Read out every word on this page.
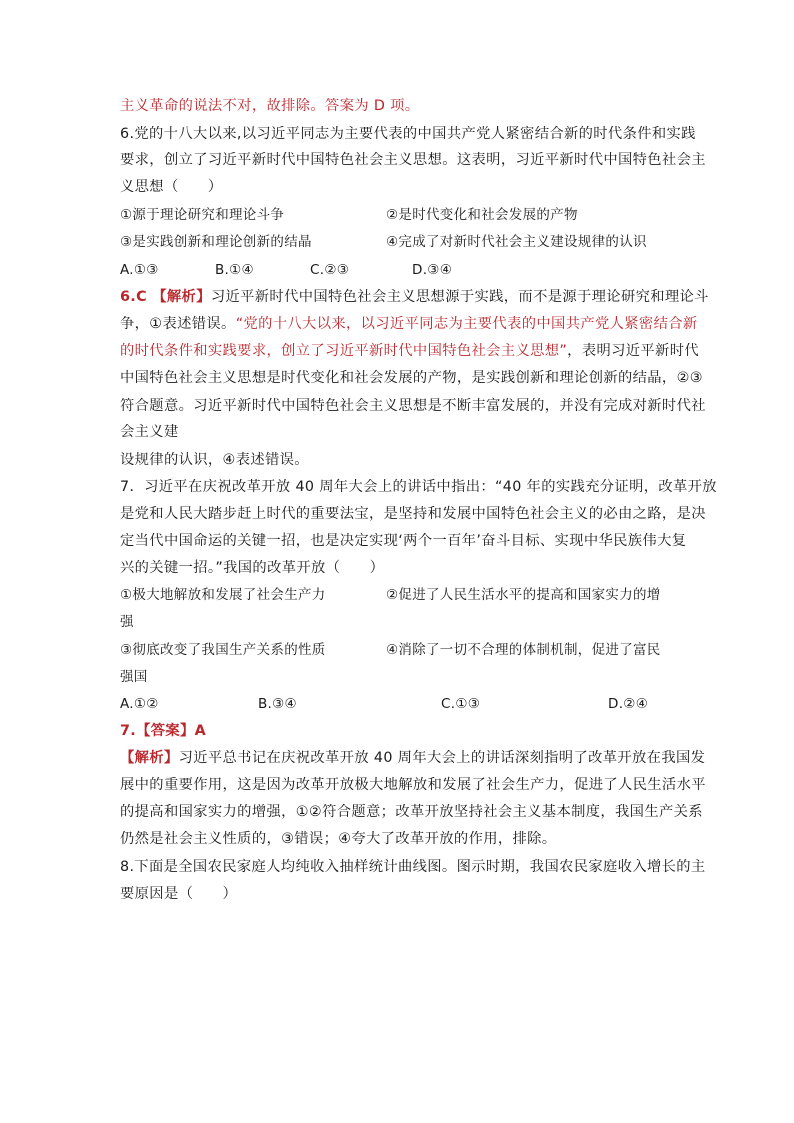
主义革命的说法不对，故排除。答案为 D 项。
6.党的十八大以来,以习近平同志为主要代表的中国共产党人紧密结合新的时代条件和实践
要求，创立了习近平新时代中国特色社会主义思想。这表明，习近平新时代中国特色社会主
义思想（　　）
①源于理论研究和理论斗争	②是时代变化和社会发展的产物
③是实践创新和理论创新的结晶	④完成了对新时代社会主义建设规律的认识
A.①③	B.①④	C.②③	D.③④
6.C 【解析】习近平新时代中国特色社会主义思想源于实践，而不是源于理论研究和理论斗
争，①表述错误。“党的十八大以来，以习近平同志为主要代表的中国共产党人紧密结合新
的时代条件和实践要求，创立了习近平新时代中国特色社会主义思想”，表明习近平新时代
中国特色社会主义思想是时代变化和社会发展的产物，是实践创新和理论创新的结晶，②③
符合题意。习近平新时代中国特色社会主义思想是不断丰富发展的，并没有完成对新时代社
会主义建
设规律的认识，④表述错误。
7．习近平在庆祝改革开放 40 周年大会上的讲话中指出：“40 年的实践充分证明，改革开放
是党和人民大踏步赶上时代的重要法宝，是坚持和发展中国特色社会主义的必由之路，是决
定当代中国命运的关键一招，也是决定实现‘两个一百年’奋斗目标、实现中华民族伟大复
兴的关键一招。”我国的改革开放（　　）
①极大地解放和发展了社会生产力	②促进了人民生活水平的提高和国家实力的增
强
③彻底改变了我国生产关系的性质	④消除了一切不合理的体制机制，促进了富民
强国
A.①②	B.③④	C.①③	D.②④
7.【答案】A
【解析】习近平总书记在庆祝改革开放 40 周年大会上的讲话深刻指明了改革开放在我国发
展中的重要作用，这是因为改革开放极大地解放和发展了社会生产力，促进了人民生活水平
的提高和国家实力的增强，①②符合题意；改革开放坚持社会主义基本制度，我国生产关系
仍然是社会主义性质的，③错误；④夸大了改革开放的作用，排除。
8.下面是全国农民家庭人均纯收入抽样统计曲线图。图示时期，我国农民家庭收入增长的主
要原因是（　　）
